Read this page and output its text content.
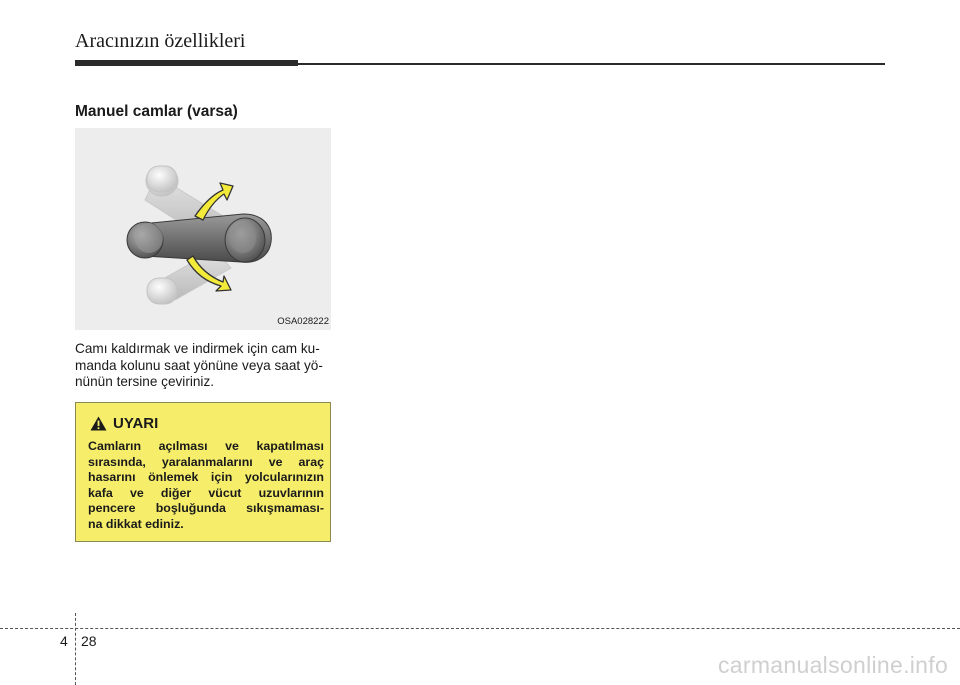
Aracınızın özellikleri
Manuel camlar (varsa)
OSA028222

Camı kaldırmak ve indirmek için cam ku-
manda kolunu saat yönüne veya saat yö-
nünün tersine çeviriniz.

UYARI

Camların açılması ve kapatılması
sırasında, yaralanmalarını ve araç
hasarını önlemek için yolcularınızın
kafa ve diğer vücut uzuvlarının
pencere boşluğunda sıkışmaması-
na dikkat ediniz.

4 28
carmanualsonline.info
